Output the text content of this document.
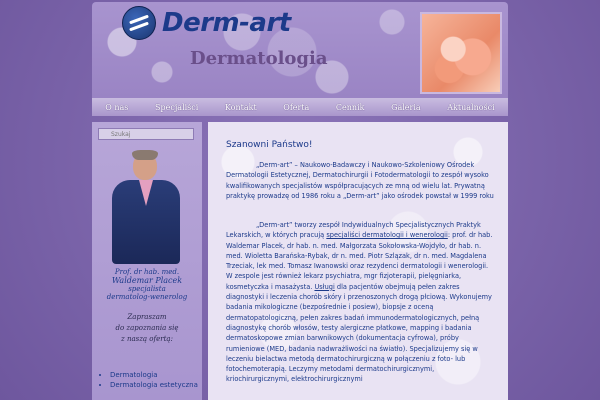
Derm-art
Dermatologia
O nas	Specjaliści	Kontakt	Oferta	Cennik	Galeria	Aktualności
Szukaj
Prof. dr hab. med.
Waldemar Placek
specjalista
dermatolog-wenerolog
Zapraszam
do zapoznania się
z naszą ofertą:
• Dermatologia
• Dermatologia estetyczna
Szanowni Państwo!

„Derm-art” – Naukowo-Badawczy i Naukowo-Szkoleniowy Ośrodek Dermatologii Estetycznej, Dermatochirurgii i Fotodermatologii to zespół wysoko kwalifikowanych specjalistów współpracujących ze mną od wielu lat. Prywatną praktykę prowadzę od 1986 roku a „Derm-art” jako ośrodek powstał w 1999 roku

„Derm-art” tworzy zespół Indywidualnych Specjalistycznych Praktyk Lekarskich, w których pracują specjaliści dermatologii i wenerologii: prof. dr hab. Waldemar Placek, dr hab. n. med. Małgorzata Sokołowska-Wojdyło, dr hab. n. med. Wioletta Barańska-Rybak, dr n. med. Piotr Szlązak, dr n. med. Magdalena Trzeciak, lek med. Tomasz Iwanowski oraz rezydenci dermatologii i wenerologii. W zespole jest również lekarz psychiatra, mgr fizjoterapii, pielęgniarka, kosmetyczka i masażysta. Usługi dla pacjentów obejmują pełen zakres diagnostyki i leczenia chorób skóry i przenoszonych drogą płciową. Wykonujemy badania mikologiczne (bezpośrednie i posiew), biopsje z oceną dermatopatologiczną, pełen zakres badań immunodermatologicznych, pełną diagnostykę chorób włosów, testy alergiczne płatkowe, mapping i badania dermatoskopowe zmian barwnikowych (dokumentacja cyfrowa), próby rumieniowe (MED, badania nadwrażliwości na światło). Specjalizujemy się w leczeniu bielactwa metodą dermatochirurgiczną w połączeniu z foto- lub fotochemoterapią. Leczymy metodami dermatochirurgicznymi, kriochirurgicznymi, elektrochirurgicznymi
